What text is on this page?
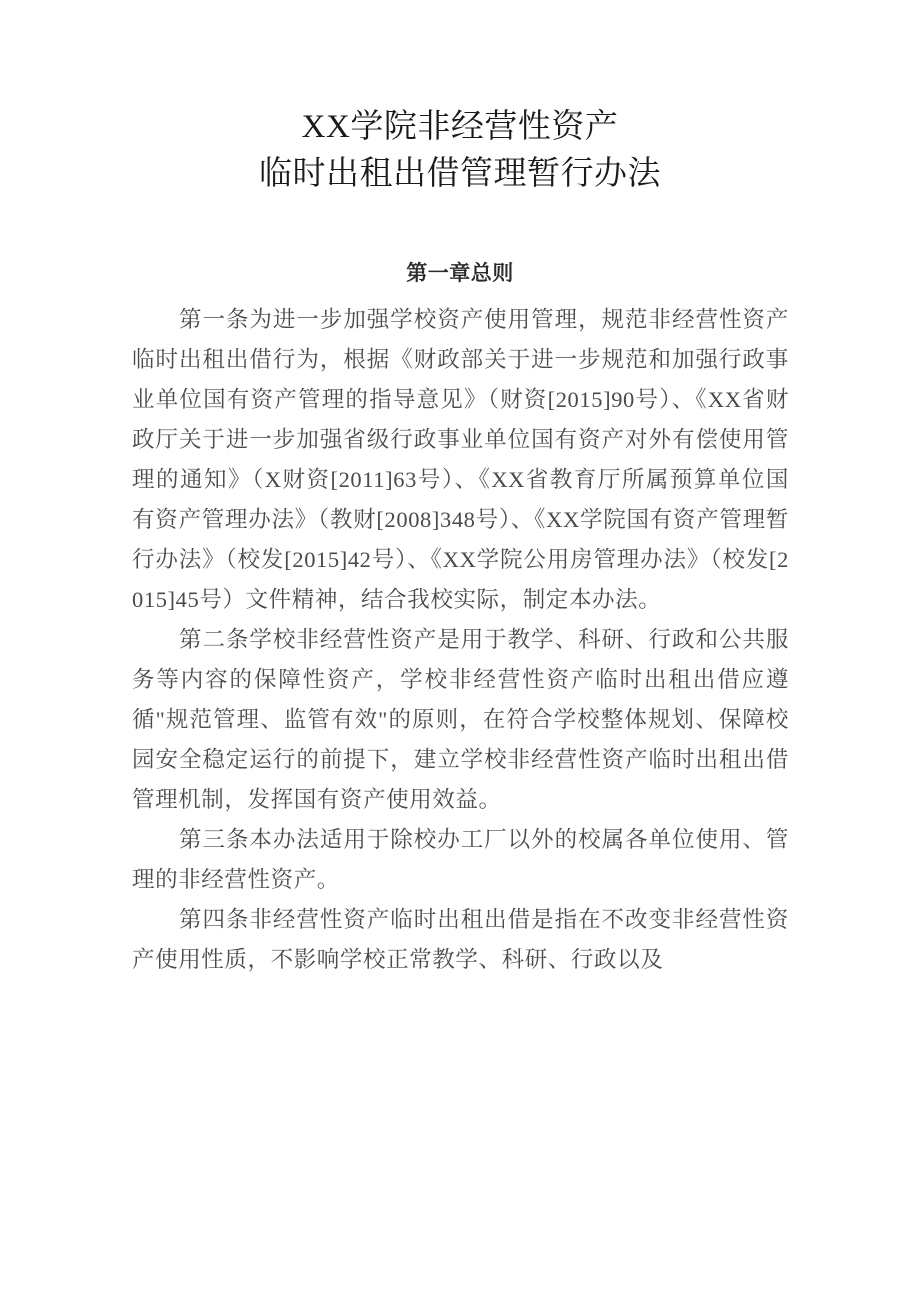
XX学院非经营性资产
临时出租出借管理暂行办法
第一章总则

第一条为进一步加强学校资产使用管理，规范非经营性资产临时出租出借行为，根据《财政部关于进一步规范和加强行政事业单位国有资产管理的指导意见》（财资[2015]90号）、《XX省财政厅关于进一步加强省级行政事业单位国有资产对外有偿使用管理的通知》（X财资[2011]63号）、《XX省教育厅所属预算单位国有资产管理办法》（教财[2008]348号）、《XX学院国有资产管理暂行办法》（校发[2015]42号）、《XX学院公用房管理办法》（校发[2015]45号）文件精神，结合我校实际，制定本办法。

第二条学校非经营性资产是用于教学、科研、行政和公共服务等内容的保障性资产，学校非经营性资产临时出租出借应遵循"规范管理、监管有效"的原则，在符合学校整体规划、保障校园安全稳定运行的前提下，建立学校非经营性资产临时出租出借管理机制，发挥国有资产使用效益。

第三条本办法适用于除校办工厂以外的校属各单位使用、管理的非经营性资产。

第四条非经营性资产临时出租出借是指在不改变非经营性资产使用性质，不影响学校正常教学、科研、行政以及
